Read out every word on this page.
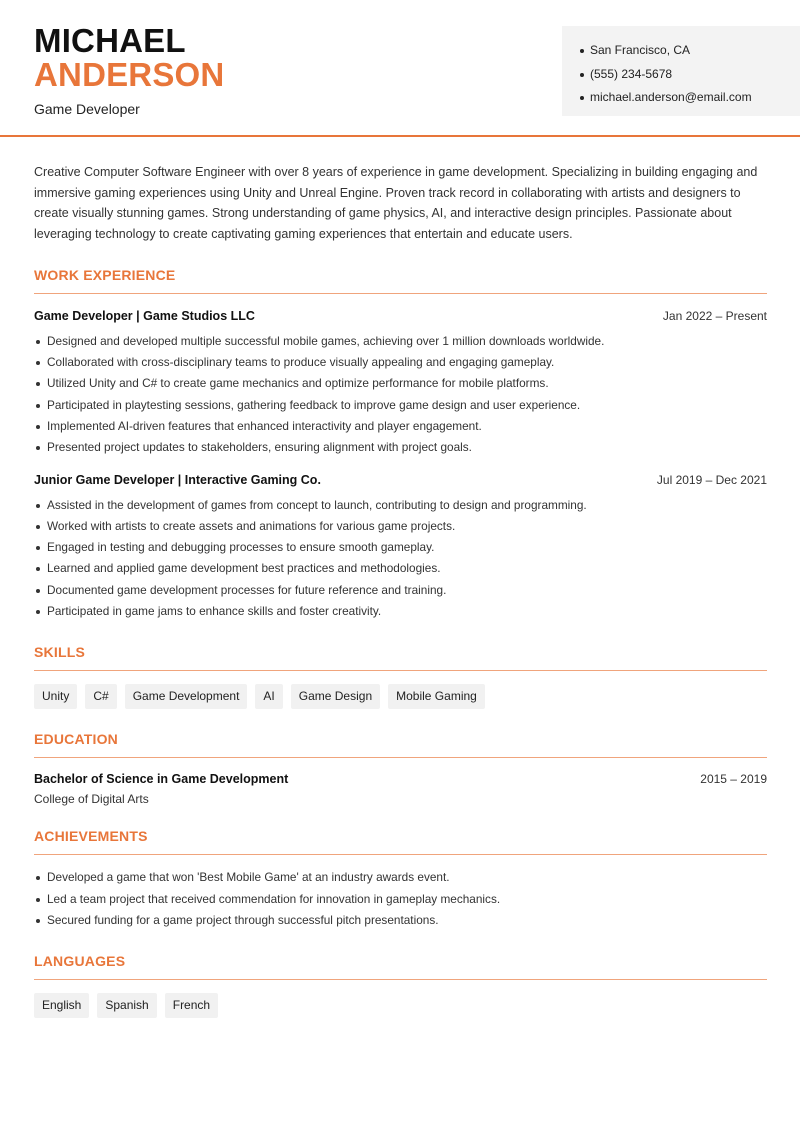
MICHAEL
ANDERSON
Game Developer
San Francisco, CA
(555) 234-5678
michael.anderson@email.com

Creative Computer Software Engineer with over 8 years of experience in game development. Specializing in building engaging and immersive gaming experiences using Unity and Unreal Engine. Proven track record in collaborating with artists and designers to create visually stunning games. Strong understanding of game physics, AI, and interactive design principles. Passionate about leveraging technology to create captivating gaming experiences that entertain and educate users.

WORK EXPERIENCE
Game Developer | Game Studios LLC	Jan 2022 – Present
Designed and developed multiple successful mobile games, achieving over 1 million downloads worldwide.
Collaborated with cross-disciplinary teams to produce visually appealing and engaging gameplay.
Utilized Unity and C# to create game mechanics and optimize performance for mobile platforms.
Participated in playtesting sessions, gathering feedback to improve game design and user experience.
Implemented AI-driven features that enhanced interactivity and player engagement.
Presented project updates to stakeholders, ensuring alignment with project goals.
Junior Game Developer | Interactive Gaming Co.	Jul 2019 – Dec 2021
Assisted in the development of games from concept to launch, contributing to design and programming.
Worked with artists to create assets and animations for various game projects.
Engaged in testing and debugging processes to ensure smooth gameplay.
Learned and applied game development best practices and methodologies.
Documented game development processes for future reference and training.
Participated in game jams to enhance skills and foster creativity.
SKILLS
Unity	C#	Game Development	AI	Game Design	Mobile Gaming
EDUCATION
Bachelor of Science in Game Development	2015 – 2019
College of Digital Arts
ACHIEVEMENTS
Developed a game that won 'Best Mobile Game' at an industry awards event.
Led a team project that received commendation for innovation in gameplay mechanics.
Secured funding for a game project through successful pitch presentations.
LANGUAGES
English	Spanish	French
